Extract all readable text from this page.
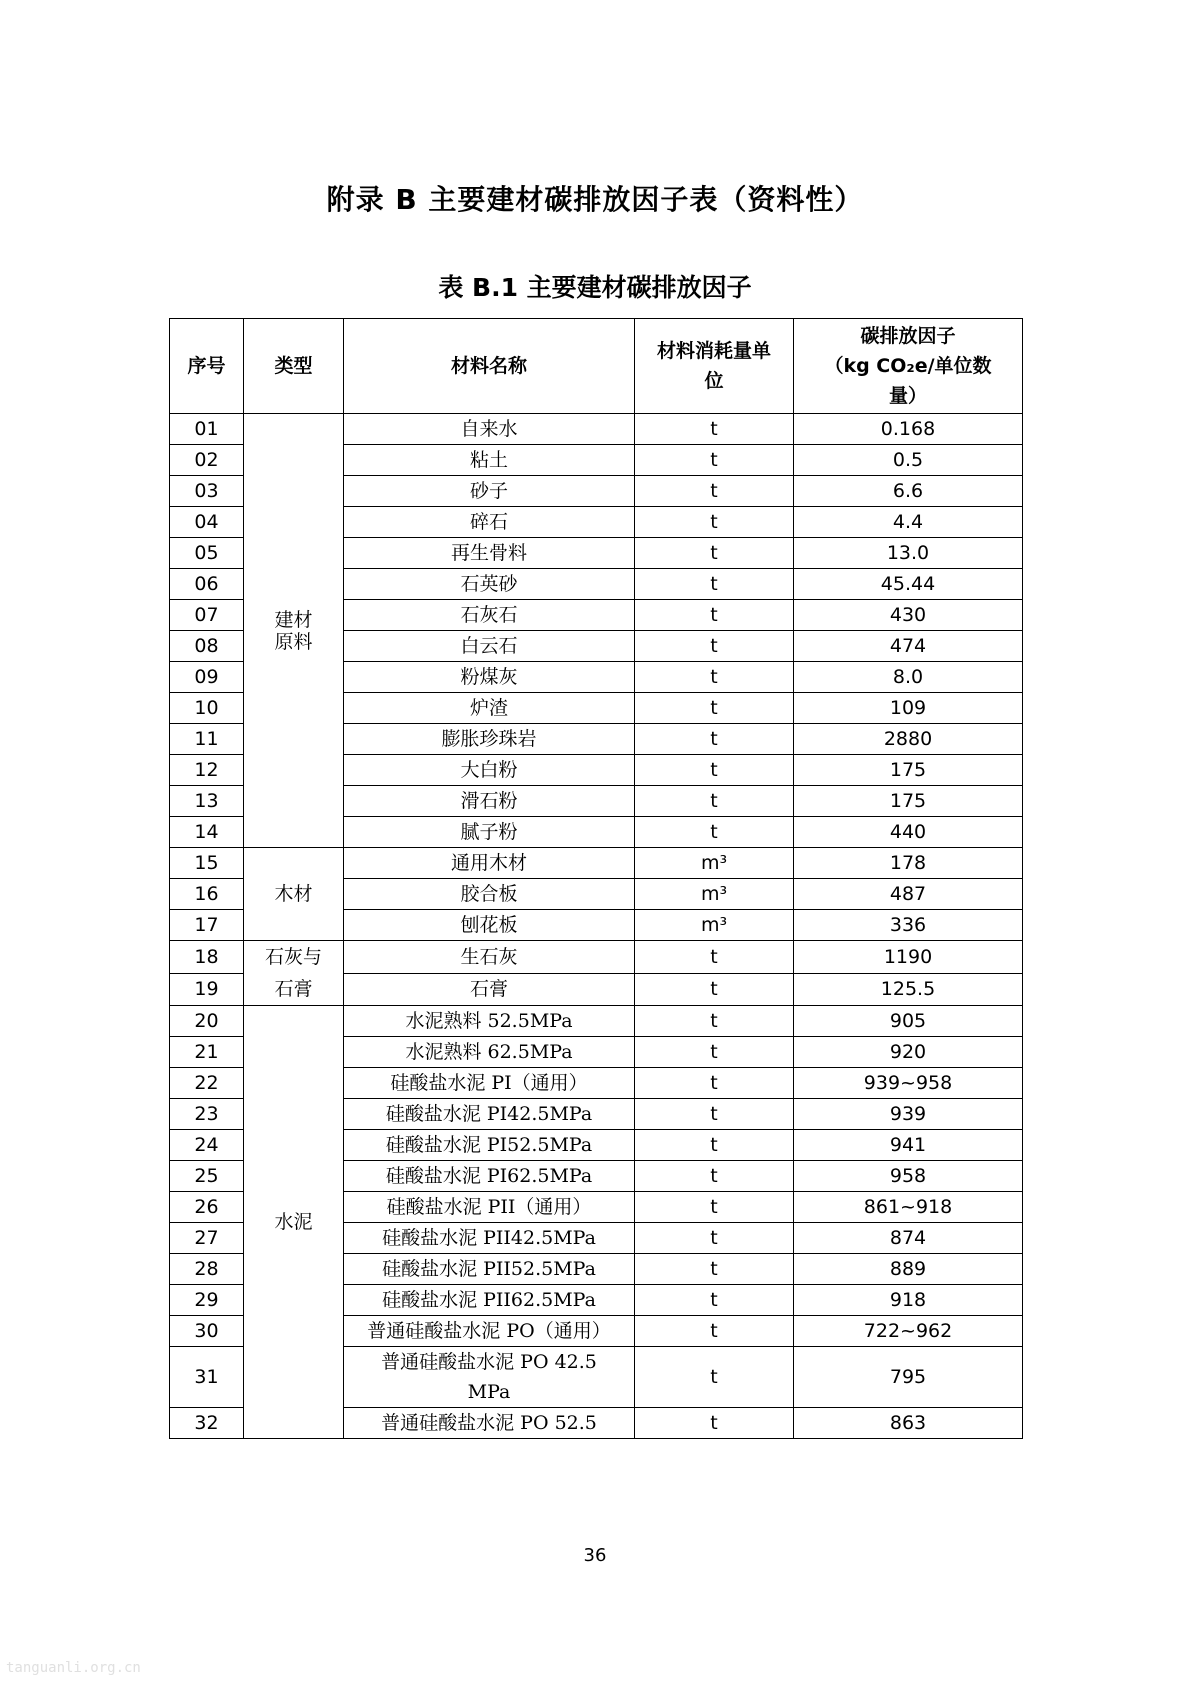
附录 B 主要建材碳排放因子表（资料性）
表 B.1 主要建材碳排放因子
序号	类型	材料名称	材料消耗量单位	碳排放因子
（kg CO₂e/单位数量）

01	建材原料	自来水	t	0.168
02		粘土	t	0.5
03		砂子	t	6.6
04		碎石	t	4.4
05		再生骨料	t	13.0
06		石英砂	t	45.44
07		石灰石	t	430
08		白云石	t	474
09		粉煤灰	t	8.0
10		炉渣	t	109
11		膨胀珍珠岩	t	2880
12		大白粉	t	175
13		滑石粉	t	175
14		腻子粉	t	440
15	木材	通用木材	m³	178
16		胶合板	m³	487
17		刨花板	m³	336
18	石灰与石膏	生石灰	t	1190
19		石膏	t	125.5
20	水泥	水泥熟料 52.5MPa	t	905
21		水泥熟料 62.5MPa	t	920
22		硅酸盐水泥 PI（通用）	t	939~958
23		硅酸盐水泥 PI42.5MPa	t	939
24		硅酸盐水泥 PI52.5MPa	t	941
25		硅酸盐水泥 PI62.5MPa	t	958
26		硅酸盐水泥 PII（通用）	t	861~918
27		硅酸盐水泥 PII42.5MPa	t	874
28		硅酸盐水泥 PII52.5MPa	t	889
29		硅酸盐水泥 PII62.5MPa	t	918
30		普通硅酸盐水泥 PO（通用）	t	722~962
31		普通硅酸盐水泥 PO 42.5 MPa	t	795
32		普通硅酸盐水泥 PO 52.5	t	863
36
tanguanli.org.cn
